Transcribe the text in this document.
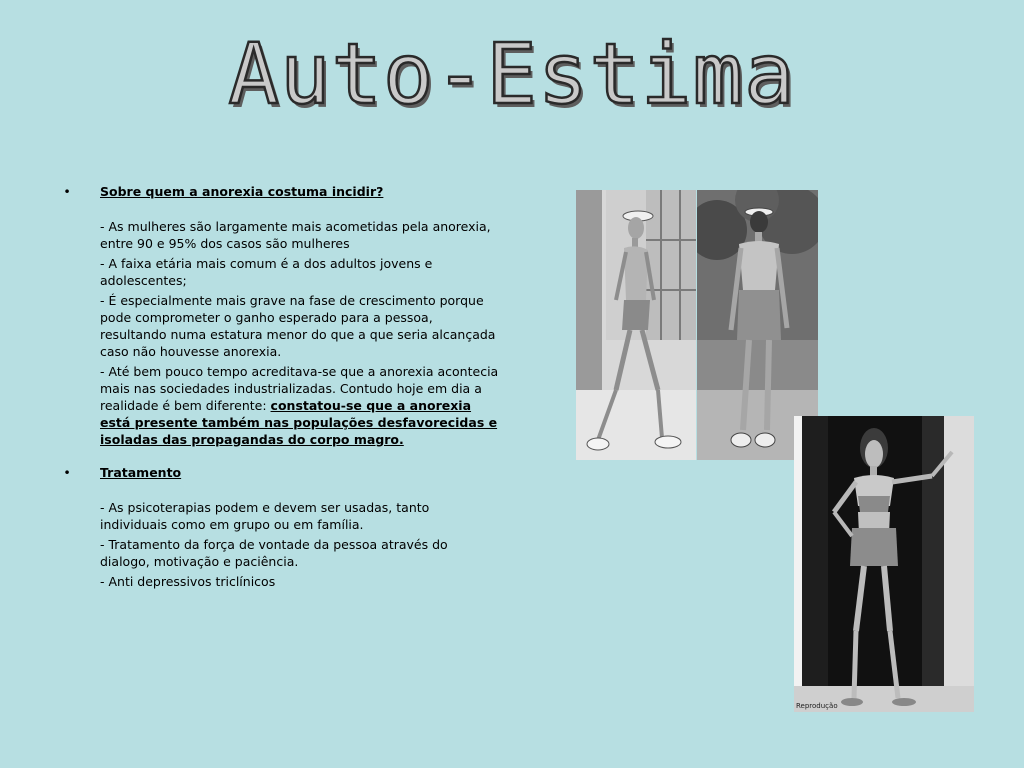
Auto-Estima
• Sobre quem a anorexia costuma incidir?
- As mulheres são largamente mais acometidas pela anorexia, entre 90 e 95% dos casos são mulheres
- A faixa etária mais comum é a dos adultos jovens e adolescentes;
- É especialmente mais grave na fase de crescimento porque pode comprometer o ganho esperado para a pessoa, resultando numa estatura menor do que a que seria alcançada caso não houvesse anorexia.
- Até bem pouco tempo acreditava-se que a anorexia acontecia mais nas sociedades industrializadas. Contudo hoje em dia a realidade é bem diferente: constatou-se que a anorexia está presente também nas populações desfavorecidas e isoladas das propagandas do corpo magro.
• Tratamento
- As psicoterapias podem e devem ser usadas, tanto individuais como em grupo ou em família.
- Tratamento da força de vontade da pessoa através do dialogo, motivação e paciência.
- Anti depressivos triclínicos
Reprodução
